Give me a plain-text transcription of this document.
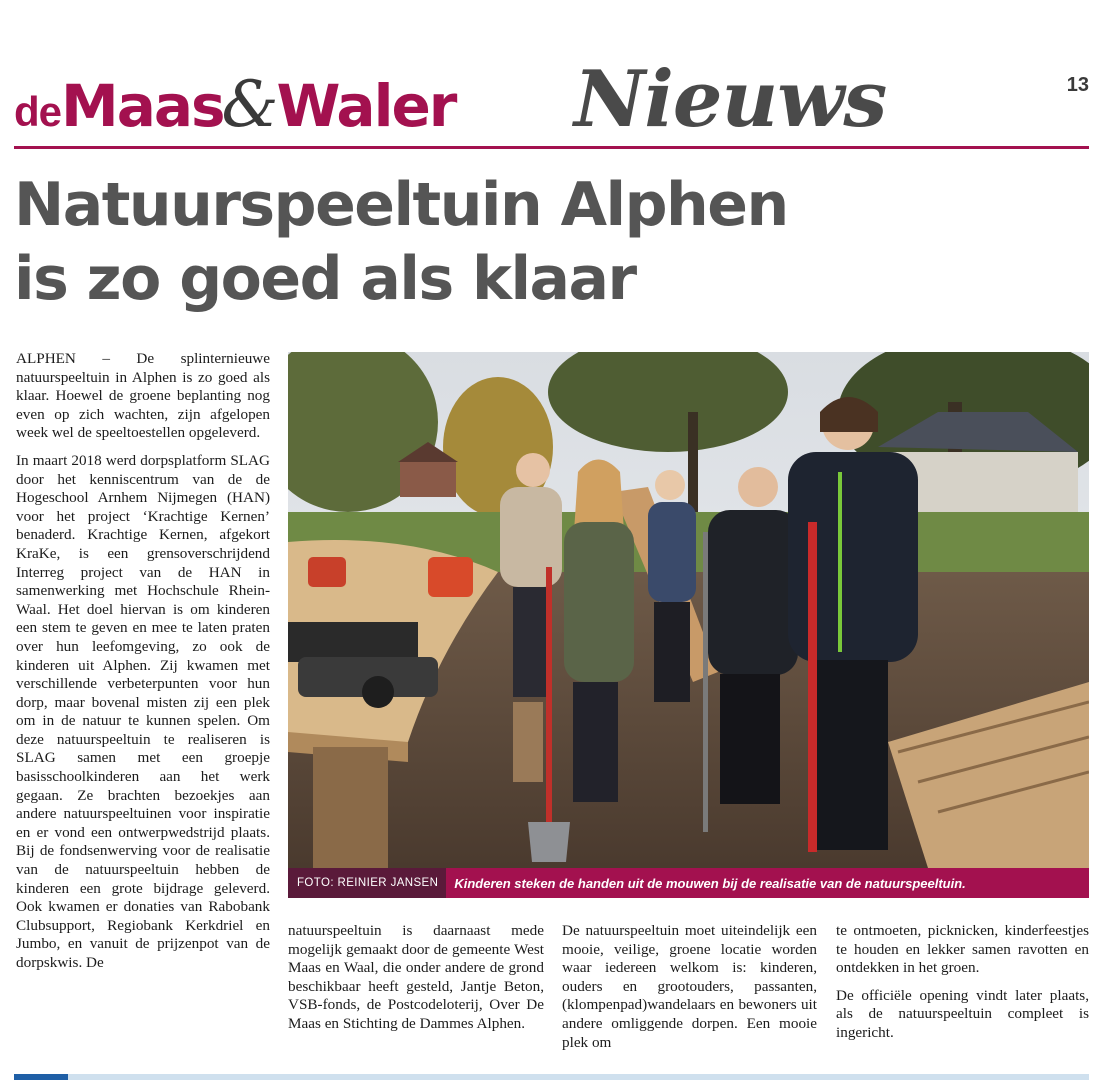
deMaas&Waler Nieuws	13
Natuurspeeltuin Alphen
is zo goed als klaar

ALPHEN – De splinternieuwe natuurspeeltuin in Alphen is zo goed als klaar. Hoewel de groene beplanting nog even op zich wachten, zijn afgelopen week wel de speeltoestellen opgeleverd.

In maart 2018 werd dorpsplatform SLAG door het kenniscentrum van de de Hogeschool Arnhem Nijmegen (HAN) voor het project ‘Krachtige Kernen’ benaderd. Krachtige Kernen, afgekort KraKe, is een grensoverschrijdend Interreg project van de HAN in samenwerking met Hochschule Rhein-Waal. Het doel hiervan is om kinderen een stem te geven en mee te laten praten over hun leefomgeving, zo ook de kinderen uit Alphen. Zij kwamen met verschillende verbeterpunten voor hun dorp, maar bovenal misten zij een plek om in de natuur te kunnen spelen. Om deze natuurspeeltuin te realiseren is SLAG samen met een groepje basisschoolkinderen aan het werk gegaan. Ze brachten bezoekjes aan andere natuurspeeltuinen voor inspiratie en er vond een ontwerpwedstrijd plaats. Bij de fondsenwerving voor de realisatie van de natuurspeeltuin hebben de kinderen een grote bijdrage geleverd. Ook kwamen er donaties van Rabobank Clubsupport, Regiobank Kerkdriel en Jumbo, en vanuit de prijzenpot van de dorpskwis. De

FOTO: REINIER JANSEN	Kinderen steken de handen uit de mouwen bij de realisatie van de natuurspeeltuin.

natuurspeeltuin is daarnaast mede mogelijk gemaakt door de gemeente West Maas en Waal, die onder andere de grond beschikbaar heeft gesteld, Jantje Beton, VSB-fonds, de Postcodeloterij, Over De Maas en Stichting de Dammes Alphen.

De natuurspeeltuin moet uiteindelijk een mooie, veilige, groene locatie worden waar iedereen welkom is: kinderen, ouders en grootouders, passanten, (klompenpad)wandelaars en bewoners uit andere omliggende dorpen. Een mooie plek om

te ontmoeten, picknicken, kinderfeestjes te houden en lekker samen ravotten en ontdekken in het groen.

De officiële opening vindt later plaats, als de natuurspeeltuin compleet is ingericht.
